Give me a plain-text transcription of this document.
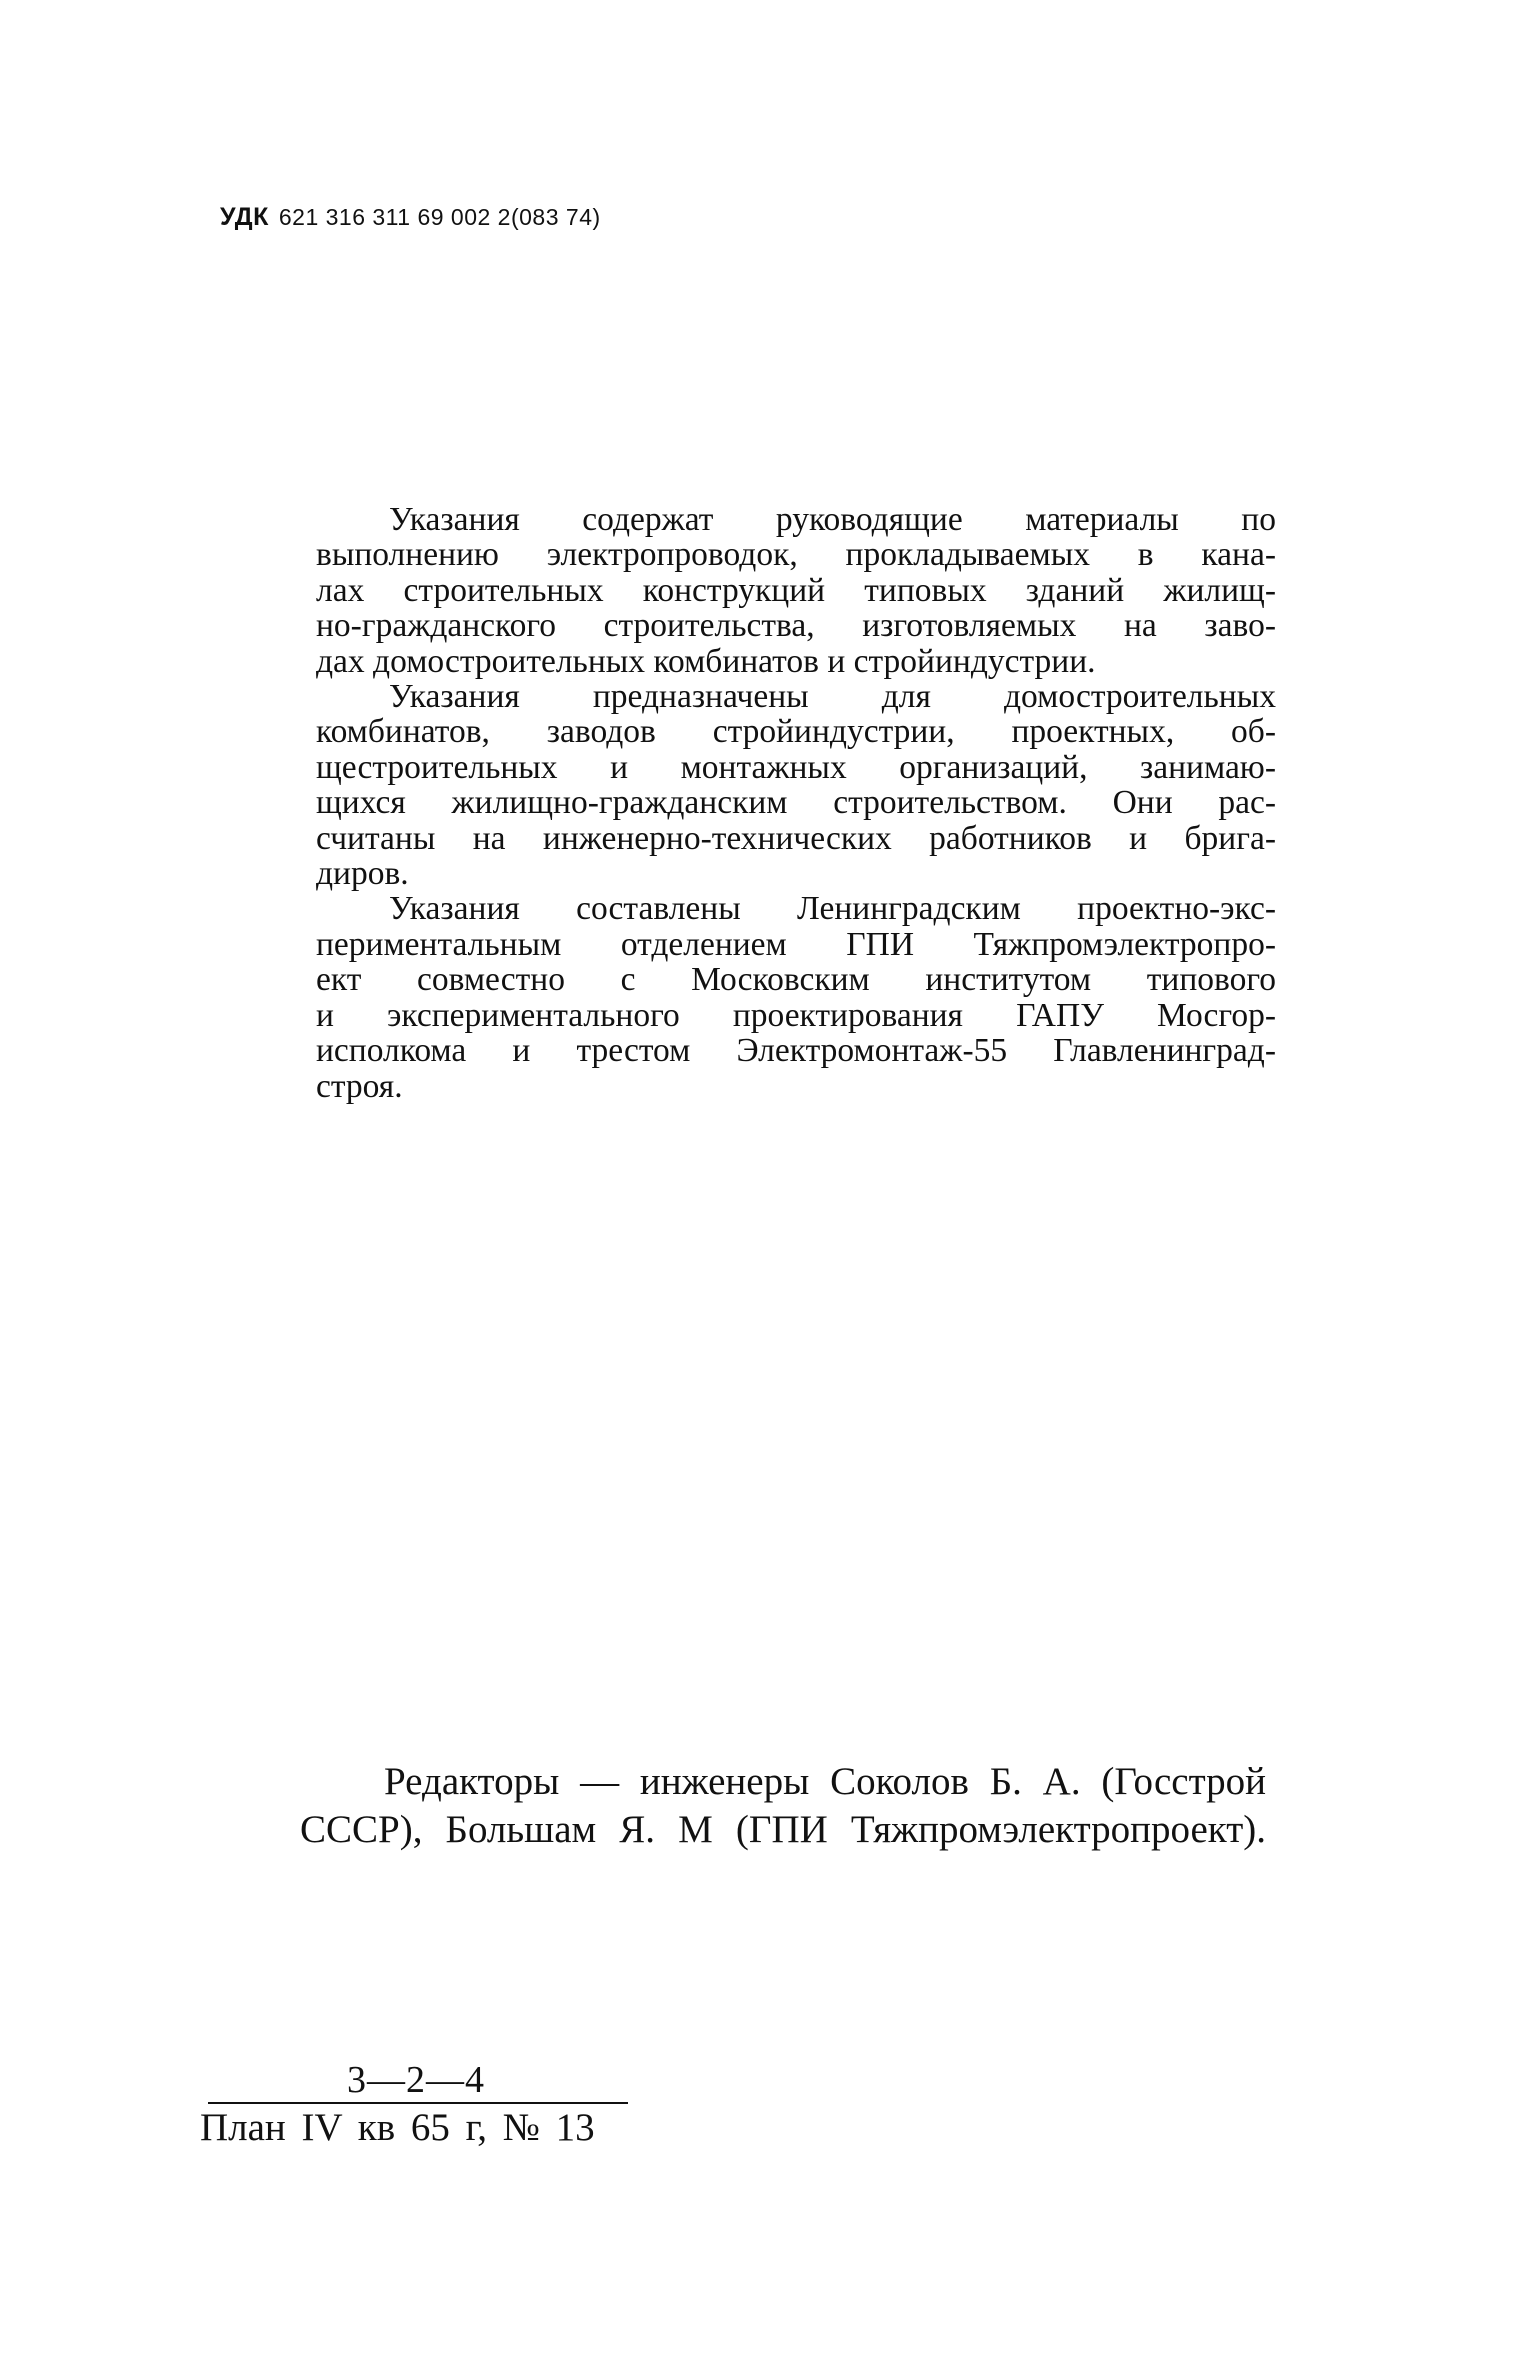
УДК 621 316 311 69 002 2(083 74)
Указания содержат руководящие материалы по
выполнению электропроводок, прокладываемых в кана-
лах строительных конструкций типовых зданий жилищ-
но-гражданского строительства, изготовляемых на заво-
дах домостроительных комбинатов и стройиндустрии.
Указания предназначены для домостроительных
комбинатов, заводов стройиндустрии, проектных, об-
щестроительных и монтажных организаций, занимаю-
щихся жилищно-гражданским строительством. Они рас-
считаны на инженерно-технических работников и брига-
диров.
Указания составлены Ленинградским проектно-экс-
периментальным отделением ГПИ Тяжпромэлектропро-
ект совместно с Московским институтом типового
и экспериментального проектирования ГАПУ Мосгор-
исполкома и трестом Электромонтаж-55 Главленинград-
строя.
Редакторы — инженеры Соколов Б. А. (Госстрой
СССР), Большам Я. М (ГПИ Тяжпромэлектропроект).
3—2—4
План IV кв 65 г, № 13
